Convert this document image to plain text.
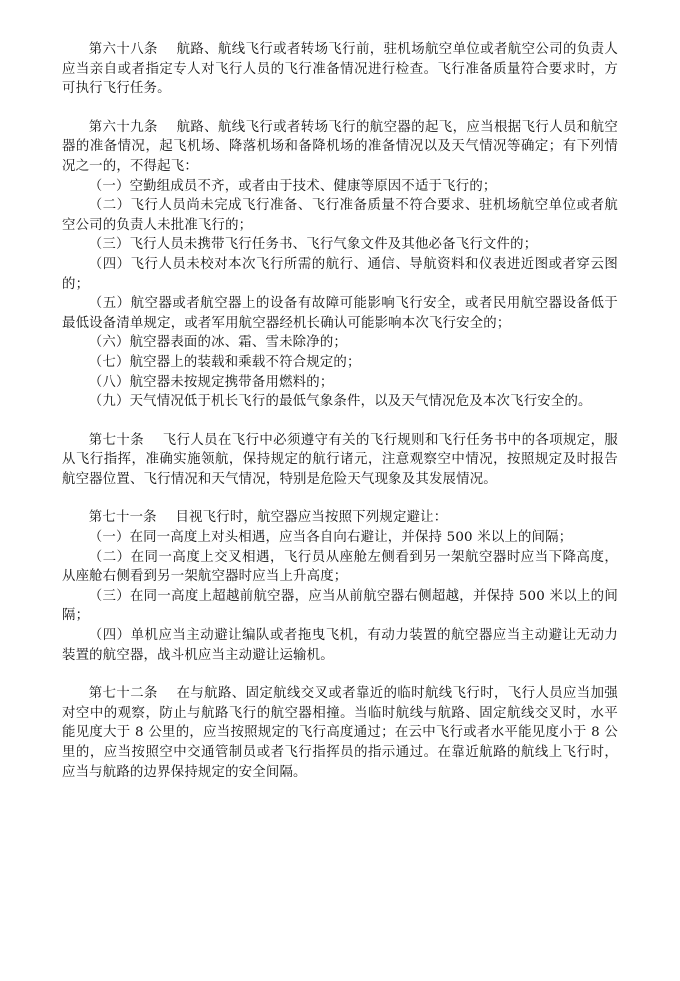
第六十八条 航路、航线飞行或者转场飞行前，驻机场航空单位或者航空公司的负责人应当亲自或者指定专人对飞行人员的飞行准备情况进行检查。飞行准备质量符合要求时，方可执行飞行任务。

第六十九条 航路、航线飞行或者转场飞行的航空器的起飞，应当根据飞行人员和航空器的准备情况，起飞机场、降落机场和备降机场的准备情况以及天气情况等确定；有下列情况之一的，不得起飞：

（一）空勤组成员不齐，或者由于技术、健康等原因不适于飞行的；

（二）飞行人员尚未完成飞行准备、飞行准备质量不符合要求、驻机场航空单位或者航空公司的负责人未批准飞行的；

（三）飞行人员未携带飞行任务书、飞行气象文件及其他必备飞行文件的；

（四）飞行人员未校对本次飞行所需的航行、通信、导航资料和仪表进近图或者穿云图的；

（五）航空器或者航空器上的设备有故障可能影响飞行安全，或者民用航空器设备低于最低设备清单规定，或者军用航空器经机长确认可能影响本次飞行安全的；

（六）航空器表面的冰、霜、雪未除净的；

（七）航空器上的装载和乘载不符合规定的；

（八）航空器未按规定携带备用燃料的；

（九）天气情况低于机长飞行的最低气象条件，以及天气情况危及本次飞行安全的。

第七十条 飞行人员在飞行中必须遵守有关的飞行规则和飞行任务书中的各项规定，服从飞行指挥，准确实施领航，保持规定的航行诸元，注意观察空中情况，按照规定及时报告航空器位置、飞行情况和天气情况，特别是危险天气现象及其发展情况。

第七十一条 目视飞行时，航空器应当按照下列规定避让：

（一）在同一高度上对头相遇，应当各自向右避让，并保持 500 米以上的间隔；

（二）在同一高度上交叉相遇，飞行员从座舱左侧看到另一架航空器时应当下降高度，从座舱右侧看到另一架航空器时应当上升高度；

（三）在同一高度上超越前航空器，应当从前航空器右侧超越，并保持 500 米以上的间隔；

（四）单机应当主动避让编队或者拖曳飞机，有动力装置的航空器应当主动避让无动力装置的航空器，战斗机应当主动避让运输机。

第七十二条 在与航路、固定航线交叉或者靠近的临时航线飞行时，飞行人员应当加强对空中的观察，防止与航路飞行的航空器相撞。当临时航线与航路、固定航线交叉时，水平能见度大于 8 公里的，应当按照规定的飞行高度通过；在云中飞行或者水平能见度小于 8 公里的，应当按照空中交通管制员或者飞行指挥员的指示通过。在靠近航路的航线上飞行时，应当与航路的边界保持规定的安全间隔。
